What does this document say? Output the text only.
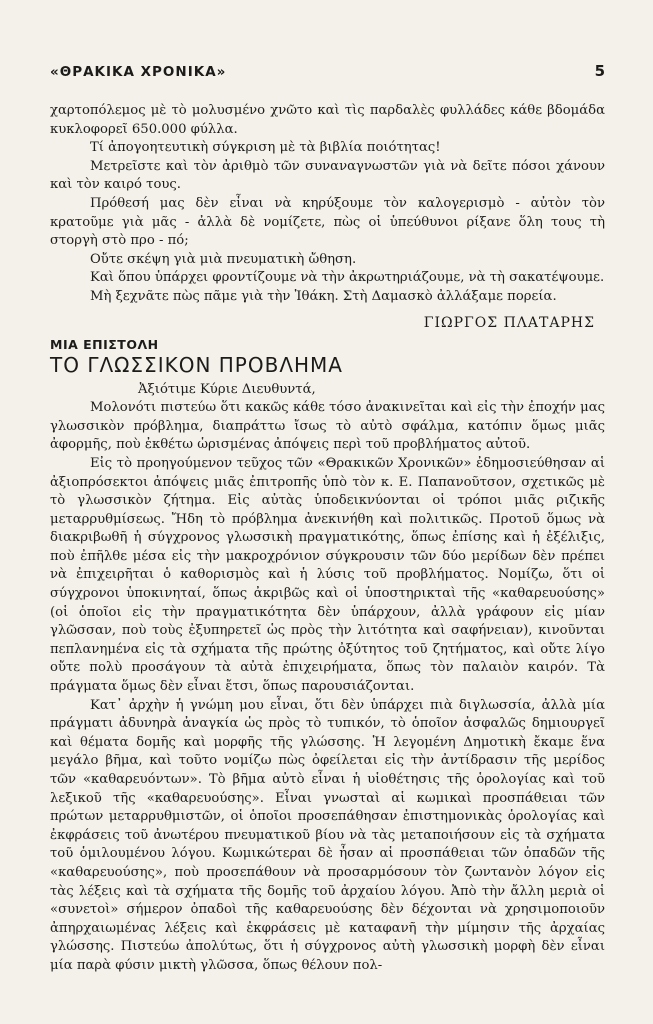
«ΘΡΑΚΙΚΑ ΧΡΟΝΙΚΑ»	5

χαρτοπόλεμος μὲ τὸ μολυσμένο χνῶτο καὶ τὶς παρδαλὲς φυλλάδες κάθε βδομάδα κυκλοφορεῖ 650.000 φύλλα.

Τί ἀπογοητευτικὴ σύγκριση μὲ τὰ βιβλία ποιότητας!

Μετρεῖστε καὶ τὸν ἀριθμὸ τῶν συναναγνωστῶν γιὰ νὰ δεῖτε πόσοι χάνουν καὶ τὸν καιρό τους.

Πρόθεσή μας δὲν εἶναι νὰ κηρύξουμε τὸν καλογερισμὸ - αὐτὸν τὸν κρατοῦμε γιὰ μᾶς - ἀλλὰ δὲ νομίζετε, πὼς οἱ ὑπεύθυνοι ρίξανε ὅλη τους τὴ στοργὴ στὸ προ - πό;

Οὔτε σκέψη γιὰ μιὰ πνευματικὴ ὤθηση.

Καὶ ὅπου ὑπάρχει φροντίζουμε νὰ τὴν ἀκρωτηριάζουμε, νὰ τὴ σακατέψουμε.

Μὴ ξεχνᾶτε πὼς πᾶμε γιὰ τὴν Ἰθάκη. Στὴ Δαμασκὸ ἀλλάξαμε πορεία.

ΓΙΩΡΓΟΣ ΠΛΑΤΑΡΗΣ
ΜΙΑ ΕΠΙΣΤΟΛΗ
ΤΟ ΓΛΩΣΣΙΚΟΝ ΠΡΟΒΛΗΜΑ
Ἀξιότιμε Κύριε Διευθυντά,

Μολονότι πιστεύω ὅτι κακῶς κάθε τόσο ἀνακινεῖται καὶ εἰς τὴν ἐποχήν μας γλωσσικὸν πρόβλημα, διαπράττω ἴσως τὸ αὐτὸ σφάλμα, κατόπιν ὅμως μιᾶς ἀφορμῆς, ποὺ ἐκθέτω ὡρισμένας ἀπόψεις περὶ τοῦ προβλήματος αὐτοῦ.

Εἰς τὸ προηγούμενον τεῦχος τῶν «Θρακικῶν Χρονικῶν» ἐδημοσιεύθησαν αἱ ἀξιοπρόσεκτοι ἀπόψεις μιᾶς ἐπιτροπῆς ὑπὸ τὸν κ. Ε. Παπανοῦτσον, σχετικῶς μὲ τὸ γλωσσικὸν ζήτημα. Εἰς αὐτὰς ὑποδεικνύονται οἱ τρόποι μιᾶς ριζικῆς μεταρρυθμίσεως. Ἤδη τὸ πρόβλημα ἀνεκινήθη καὶ πολιτικῶς. Προτοῦ ὅμως νὰ διακριβωθῆ ἡ σύγχρονος γλωσσικὴ πραγματικότης, ὅπως ἐπίσης καὶ ἡ ἐξέλιξις, ποὺ ἐπῆλθε μέσα εἰς τὴν μακροχρόνιον σύγκρουσιν τῶν δύο μερίδων δὲν πρέπει νὰ ἐπιχειρῆται ὁ καθορισμὸς καὶ ἡ λύσις τοῦ προβλήματος. Νομίζω, ὅτι οἱ σύγχρονοι ὑποκινηταί, ὅπως ἀκριβῶς καὶ οἱ ὑποστηρικταὶ τῆς «καθαρευούσης» (οἱ ὁποῖοι εἰς τὴν πραγματικότητα δὲν ὑπάρχουν, ἀλλὰ γράφουν εἰς μίαν γλῶσσαν, ποὺ τοὺς ἐξυπηρετεῖ ὡς πρὸς τὴν λιτότητα καὶ σαφήνειαν), κινοῦνται πεπλανημένα εἰς τὰ σχήματα τῆς πρώτης ὀξύτητος τοῦ ζητήματος, καὶ οὔτε λίγο οὔτε πολὺ προσάγουν τὰ αὐτὰ ἐπιχειρήματα, ὅπως τὸν παλαιὸν καιρόν. Τὰ πράγματα ὅμως δὲν εἶναι ἔτσι, ὅπως παρουσιάζονται.

Κατ᾽ ἀρχὴν ἡ γνώμη μου εἶναι, ὅτι δὲν ὑπάρχει πιὰ διγλωσσία, ἀλλὰ μία πράγματι ἀδυνηρὰ ἀναγκία ὡς πρὸς τὸ τυπικόν, τὸ ὁποῖον ἀσφαλῶς δημιουργεῖ καὶ θέματα δομῆς καὶ μορφῆς τῆς γλώσσης. Ἡ λεγομένη Δημοτικὴ ἔκαμε ἕνα μεγάλο βῆμα, καὶ τοῦτο νομίζω πὼς ὀφείλεται εἰς τὴν ἀντίδρασιν τῆς μερίδος τῶν «καθαρευόντων». Τὸ βῆμα αὐτὸ εἶναι ἡ υἱοθέτησις τῆς ὁρολογίας καὶ τοῦ λεξικοῦ τῆς «καθαρευούσης». Εἶναι γνωσταὶ αἱ κωμικαὶ προσπάθειαι τῶν πρώτων μεταρρυθμιστῶν, οἱ ὁποῖοι προσεπάθησαν ἐπιστημονικὰς ὁρολογίας καὶ ἐκφράσεις τοῦ ἀνωτέρου πνευματικοῦ βίου νὰ τὰς μεταποιήσουν εἰς τὰ σχήματα τοῦ ὁμιλουμένου λόγου. Κωμικώτεραι δὲ ἦσαν αἱ προσπάθειαι τῶν ὀπαδῶν τῆς «καθαρευούσης», ποὺ προσεπάθουν νὰ προσαρμόσουν τὸν ζωντανὸν λόγον εἰς τὰς λέξεις καὶ τὰ σχήματα τῆς δομῆς τοῦ ἀρχαίου λόγου. Ἀπὸ τὴν ἄλλη μεριὰ οἱ «συνετοὶ» σήμερον ὀπαδοὶ τῆς καθαρευούσης δὲν δέχονται νὰ χρησιμοποιοῦν ἀπηρχαιωμένας λέξεις καὶ ἐκφράσεις μὲ καταφανῆ τὴν μίμησιν τῆς ἀρχαίας γλώσσης. Πιστεύω ἀπολύτως, ὅτι ἡ σύγχρονος αὐτὴ γλωσσικὴ μορφὴ δὲν εἶναι μία παρὰ φύσιν μικτὴ γλῶσσα, ὅπως θέλουν πολ-
